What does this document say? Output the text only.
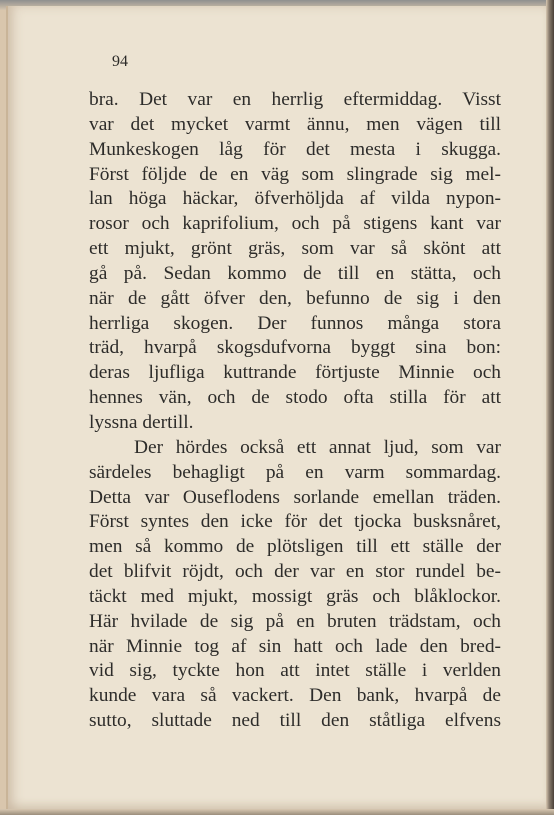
94
bra. Det var en herrlig eftermiddag. Visst
var det mycket varmt ännu, men vägen till
Munkeskogen låg för det mesta i skugga.
Först följde de en väg som slingrade sig mel-
lan höga häckar, öfverhöljda af vilda nypon-
rosor och kaprifolium, och på stigens kant var
ett mjukt, grönt gräs, som var så skönt att
gå på. Sedan kommo de till en stätta, och
när de gått öfver den, befunno de sig i den
herrliga skogen. Der funnos många stora
träd, hvarpå skogsdufvorna byggt sina bon:
deras ljufliga kuttrande förtjuste Minnie och
hennes vän, och de stodo ofta stilla för att
lyssna dertill.
Der hördes också ett annat ljud, som var
särdeles behagligt på en varm sommardag.
Detta var Ouseflodens sorlande emellan träden.
Först syntes den icke för det tjocka busksnåret,
men så kommo de plötsligen till ett ställe der
det blifvit röjdt, och der var en stor rundel be-
täckt med mjukt, mossigt gräs och blåklockor.
Här hvilade de sig på en bruten trädstam, och
när Minnie tog af sin hatt och lade den bred-
vid sig, tyckte hon att intet ställe i verlden
kunde vara så vackert. Den bank, hvarpå de
sutto, sluttade ned till den ståtliga elfvens
